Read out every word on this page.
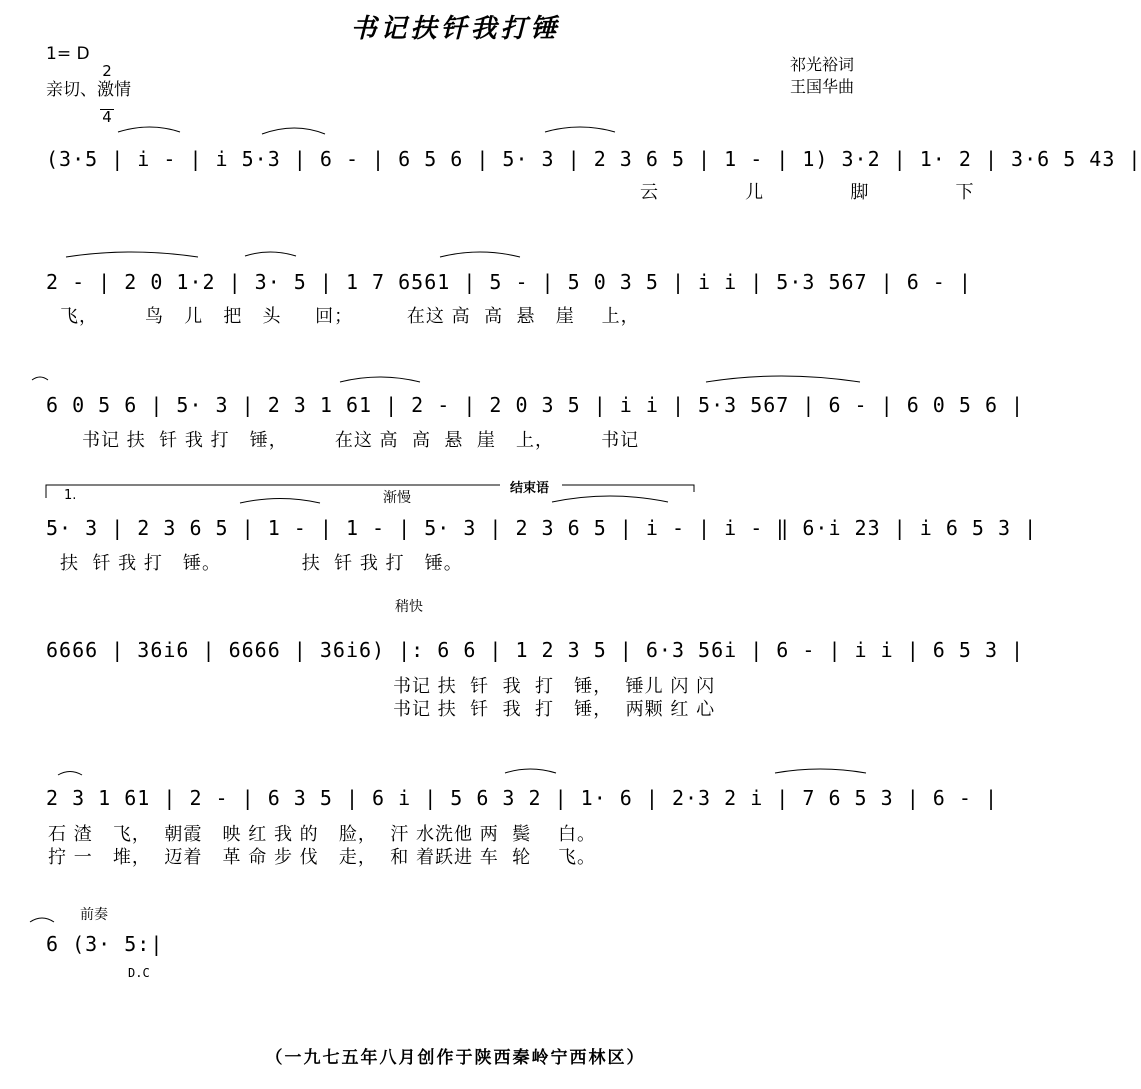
书记扶钎我打锤
1= D

2

4

亲切、激情
祁光裕词
王国华曲
(3·5 | i - | i 5·3 | 6 - | 6 5 6 | 5· 3 | 2 3 6 5 | 1 - | 1) 3·2 | 1· 2 | 3·6 5 43 |
云   儿   脚   下
2 - | 2 0 1·2 | 3· 5 | 1 7 6561 | 5 - | 5 0 3 5 | i i | 5·3 567 | 6 - |
飞，       鸟   儿   把   头     回；        在这 高  高  悬   崖    上，
6 0 5 6 | 5· 3 | 2 3 1 61 | 2 - | 2 0 3 5 | i i | 5·3 567 | 6 - | 6 0 5 6 |
书记 扶  钎 我 打   锤，       在这 高  高  悬  崖   上，       书记
1.	渐慢
结束语
5· 3 | 2 3 6 5 | 1 - | 1 - | 5· 3 | 2 3 6 5 | i - | i - ‖ 6·i 23 | i 6 5 3 |
扶  钎 我 打   锤。            扶  钎 我 打   锤。
稍快
6666 | 36i6 | 6666 | 36i6) |: 6 6 | 1 2 3 5 | 6·3 56i | 6 - | i i | 6 5 3 |
书记 扶  钎  我  打   锤，  锤儿 闪 闪
书记 扶  钎  我  打   锤，  两颗 红 心
2 3 1 61 | 2 - | 6 3 5 | 6 i | 5 6 3 2 | 1· 6 | 2·3 2 i | 7 6 5 3 | 6 - |
石 渣   飞，  朝霞   映 红 我 的   脸，  汗 水洗他 两  鬓    白。
拧 一   堆，  迈着   革 命 步 伐   走，  和 着跃进 车  轮    飞。
前奏
6 (3· 5:|
D.C
（一九七五年八月创作于陕西秦岭宁西林区）
